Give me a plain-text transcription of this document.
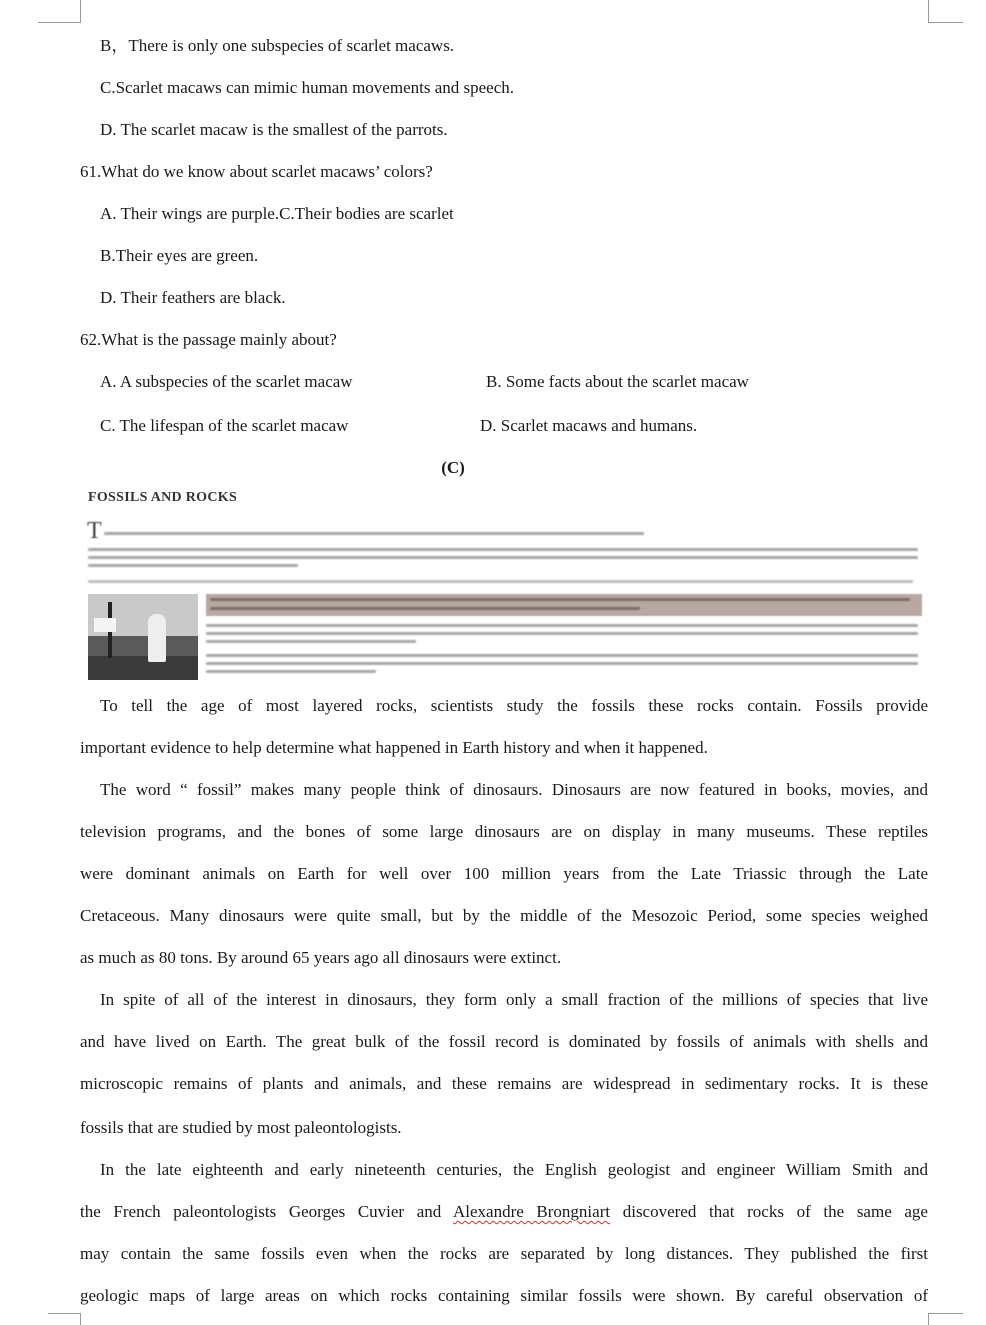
B，There is only one subspecies of scarlet macaws.
C.Scarlet macaws can mimic human movements and speech.
D. The scarlet macaw is the smallest of the parrots.
61.What do we know about scarlet macaws’ colors?
A. Their wings are purple.C.Their bodies are scarlet
B.Their eyes are green.
D. Their feathers are black.
62.What is the passage mainly about?
A. A subspecies of the scarlet macaw	B. Some facts about the scarlet macaw
C. The lifespan of the scarlet macaw	D. Scarlet macaws and humans.
(C)
FOSSILS AND ROCKS
T
To tell the age of most layered rocks, scientists study the fossils these rocks contain. Fossils provide
important evidence to help determine what happened in Earth history and when it happened.
The word “ fossil” makes many people think of dinosaurs. Dinosaurs are now featured in books, movies, and
television programs, and the bones of some large dinosaurs are on display in many museums. These reptiles
were dominant animals on Earth for well over 100 million years from the Late Triassic through the Late
Cretaceous. Many dinosaurs were quite small, but by the middle of the Mesozoic Period, some species weighed
as much as 80 tons. By around 65 years ago all dinosaurs were extinct.
In spite of all of the interest in dinosaurs, they form only a small fraction of the millions of species that live
and have lived on Earth. The great bulk of the fossil record is dominated by fossils of animals with shells and
microscopic remains of plants and animals, and these remains are widespread in sedimentary rocks. It is these
fossils that are studied by most paleontologists.
In the late eighteenth and early nineteenth centuries, the English geologist and engineer William Smith and
the French paleontologists Georges Cuvier and Alexandre Brongniart discovered that rocks of the same age
may contain the same fossils even when the rocks are separated by long distances. They published the first
geologic maps of large areas on which rocks containing similar fossils were shown. By careful observation of
